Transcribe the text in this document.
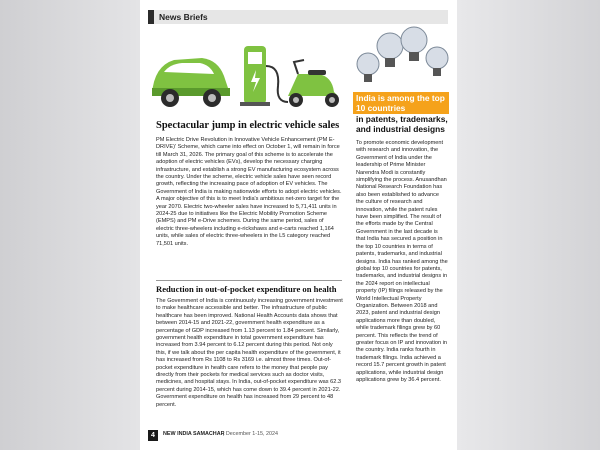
News Briefs
Spectacular jump in electric vehicle sales
PM Electric Drive Revolution in Innovative Vehicle Enhancement (PM E-DRIVE)' Scheme, which came into effect on October 1, will remain in force till March 31, 2026. The primary goal of this scheme is to accelerate the adoption of electric vehicles (EVs), develop the necessary charging infrastructure, and establish a strong EV manufacturing ecosystem across the country. Under the scheme, electric vehicle sales have seen record growth, reflecting the increasing pace of adoption of EV vehicles. The Government of India is making nationwide efforts to adopt electric vehicles. A major objective of this is to meet India's ambitious net-zero target for the year 2070. Electric two-wheeler sales have increased to 5,71,411 units in 2024-25 due to initiatives like the Electric Mobility Promotion Scheme (EMPS) and PM e-Drive schemes. During the same period, sales of electric three-wheelers including e-rickshaws and e-carts reached 1,164 units, while sales of electric three-wheelers in the L5 category reached 71,501 units.
Reduction in out-of-pocket expenditure on health
The Government of India is continuously increasing government investment to make healthcare accessible and better. The infrastructure of public healthcare has been improved. National Health Accounts data shows that between 2014-15 and 2021-22, government health expenditure as a percentage of GDP increased from 1.13 percent to 1.84 percent. Similarly, government health expenditure in total government expenditure has increased from 3.94 percent to 6.12 percent during this period. Not only this, if we talk about the per capita health expenditure of the government, it has increased from Rs 1108 to Rs 3169 i.e. almost three times. Out-of-pocket expenditure in health care refers to the money that people pay directly from their pockets for medical services such as doctor visits, medicines, and hospital stays. In India, out-of-pocket expenditure was 62.3 percent during 2014-15, which has come down to 39.4 percent in 2021-22. Government expenditure on health has increased from 29 percent to 48 percent.
India is among the top 10 countries
in patents, trademarks, and industrial designs
To promote economic development with research and innovation, the Government of India under the leadership of Prime Minister Narendra Modi is constantly simplifying the process. Anusandhan National Research Foundation has also been established to advance the culture of research and innovation, while the patent rules have been simplified. The result of the efforts made by the Central Government in the last decade is that India has secured a position in the top 10 countries in terms of patents, trademarks, and industrial designs. India has ranked among the global top 10 countries for patents, trademarks, and industrial designs in the 2024 report on intellectual property (IP) filings released by the World Intellectual Property Organization. Between 2018 and 2023, patent and industrial design applications more than doubled, while trademark filings grew by 60 percent. This reflects the trend of greater focus on IP and innovation in the country. India ranks fourth in trademark filings. India achieved a record 15.7 percent growth in patent applications, while industrial design applications grew by 36.4 percent.
4	NEW INDIA SAMACHAR
| December 1-15, 2024
